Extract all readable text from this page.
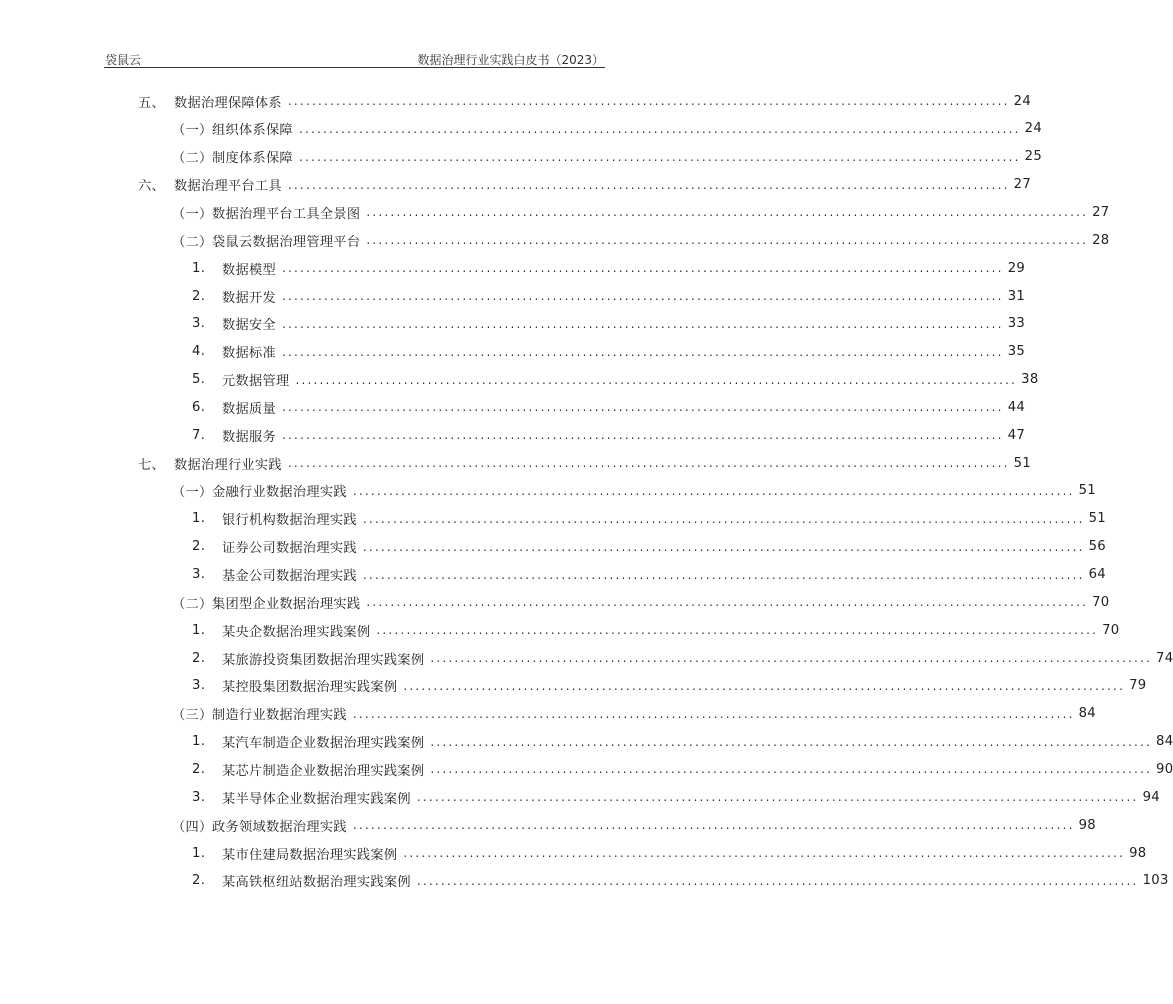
袋鼠云	数据治理行业实践白皮书（2023）
五、 数据治理保障体系 ........................................................................................................................ 24
（一） 组织体系保障 ........................................................................................................................ 24
（二） 制度体系保障 ........................................................................................................................ 25
六、 数据治理平台工具 ........................................................................................................................ 27
（一） 数据治理平台工具全景图 ........................................................................................................................ 27
（二） 袋鼠云数据治理管理平台 ........................................................................................................................ 28
1.	数据模型 ........................................................................................................................ 29
2.	数据开发 ........................................................................................................................ 31
3.	数据安全 ........................................................................................................................ 33
4.	数据标准 ........................................................................................................................ 35
5.	元数据管理 ........................................................................................................................ 38
6.	数据质量 ........................................................................................................................ 44
7.	数据服务 ........................................................................................................................ 47
七、 数据治理行业实践 ........................................................................................................................ 51
（一） 金融行业数据治理实践 ........................................................................................................................ 51
1.	银行机构数据治理实践 ........................................................................................................................ 51
2.	证券公司数据治理实践 ........................................................................................................................ 56
3.	基金公司数据治理实践 ........................................................................................................................ 64
（二） 集团型企业数据治理实践 ........................................................................................................................ 70
1.	某央企数据治理实践案例 ........................................................................................................................ 70
2.	某旅游投资集团数据治理实践案例 ........................................................................................................................ 74
3.	某控股集团数据治理实践案例 ........................................................................................................................ 79
（三） 制造行业数据治理实践 ........................................................................................................................ 84
1.	某汽车制造企业数据治理实践案例 ........................................................................................................................ 84
2.	某芯片制造企业数据治理实践案例 ........................................................................................................................ 90
3.	某半导体企业数据治理实践案例 ........................................................................................................................ 94
（四） 政务领域数据治理实践 ........................................................................................................................ 98
1.	某市住建局数据治理实践案例 ........................................................................................................................ 98
2.	某高铁枢纽站数据治理实践案例 ........................................................................................................................ 103
